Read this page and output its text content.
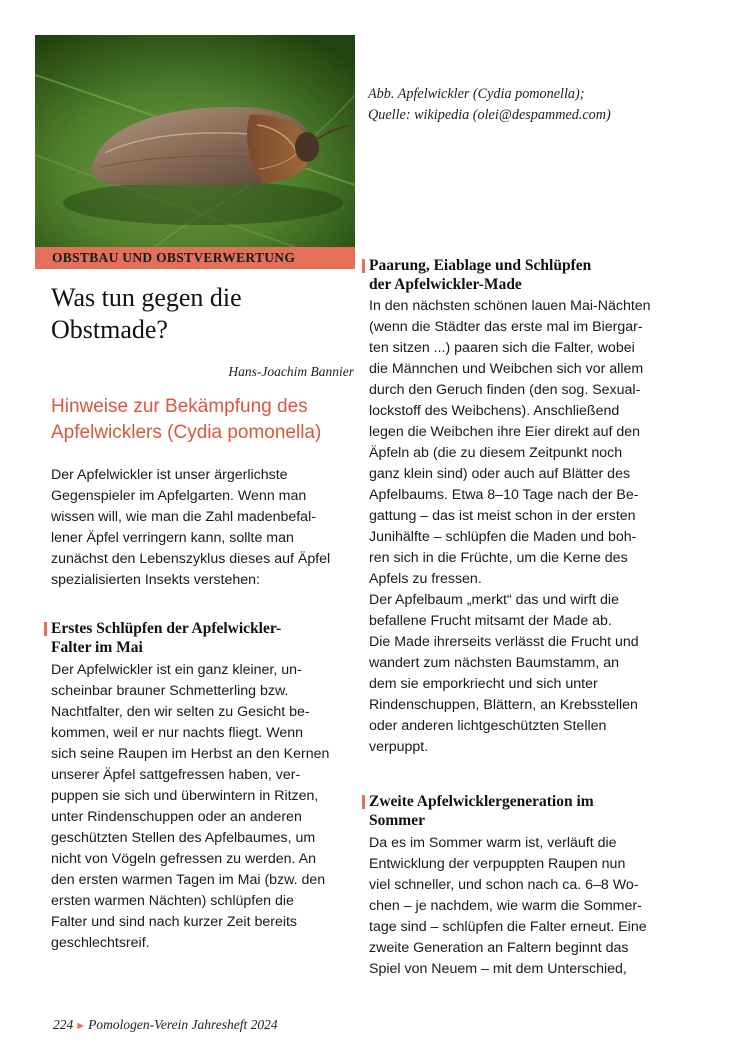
Abb. Apfelwickler (Cydia pomonella);
Quelle: wikipedia (olei@despammed.com)
OBSTBAU UND OBSTVERWERTUNG
Was tun gegen die
Obstmade?
Hans-Joachim Bannier
Hinweise zur Bekämpfung des
Apfelwicklers (Cydia pomonella)
Der Apfelwickler ist unser ärgerlichste
Gegenspieler im Apfelgarten. Wenn man
wissen will, wie man die Zahl madenbefal-
lener Äpfel verringern kann, sollte man
zunächst den Lebenszyklus dieses auf Äpfel
spezialisierten Insekts verstehen:
Erstes Schlüpfen der Apfelwickler-
Falter im Mai
Der Apfelwickler ist ein ganz kleiner, un-
scheinbar brauner Schmetterling bzw.
Nachtfalter, den wir selten zu Gesicht be-
kommen, weil er nur nachts fliegt. Wenn
sich seine Raupen im Herbst an den Kernen
unserer Äpfel sattgefressen haben, ver-
puppen sie sich und überwintern in Ritzen,
unter Rindenschuppen oder an anderen
geschützten Stellen des Apfelbaumes, um
nicht von Vögeln gefressen zu werden. An
den ersten warmen Tagen im Mai (bzw. den
ersten warmen Nächten) schlüpfen die
Falter und sind nach kurzer Zeit bereits
geschlechtsreif.
Paarung, Eiablage und Schlüpfen
der Apfelwickler-Made
In den nächsten schönen lauen Mai-Nächten
(wenn die Städter das erste mal im Biergar-
ten sitzen ...) paaren sich die Falter, wobei
die Männchen und Weibchen sich vor allem
durch den Geruch finden (den sog. Sexual-
lockstoff des Weibchens). Anschließend
legen die Weibchen ihre Eier direkt auf den
Äpfeln ab (die zu diesem Zeitpunkt noch
ganz klein sind) oder auch auf Blätter des
Apfelbaums. Etwa 8–10 Tage nach der Be-
gattung – das ist meist schon in der ersten
Junihälfte – schlüpfen die Maden und boh-
ren sich in die Früchte, um die Kerne des
Apfels zu fressen.
Der Apfelbaum „merkt“ das und wirft die
befallene Frucht mitsamt der Made ab.
Die Made ihrerseits verlässt die Frucht und
wandert zum nächsten Baumstamm, an
dem sie emporkriecht und sich unter
Rindenschuppen, Blättern, an Krebsstellen
oder anderen lichtgeschützten Stellen
verpuppt.
Zweite Apfelwicklergeneration im
Sommer
Da es im Sommer warm ist, verläuft die
Entwicklung der verpuppten Raupen nun
viel schneller, und schon nach ca. 6–8 Wo-
chen – je nachdem, wie warm die Sommer-
tage sind – schlüpfen die Falter erneut. Eine
zweite Generation an Faltern beginnt das
Spiel von Neuem – mit dem Unterschied,
224 ► Pomologen-Verein Jahresheft 2024
